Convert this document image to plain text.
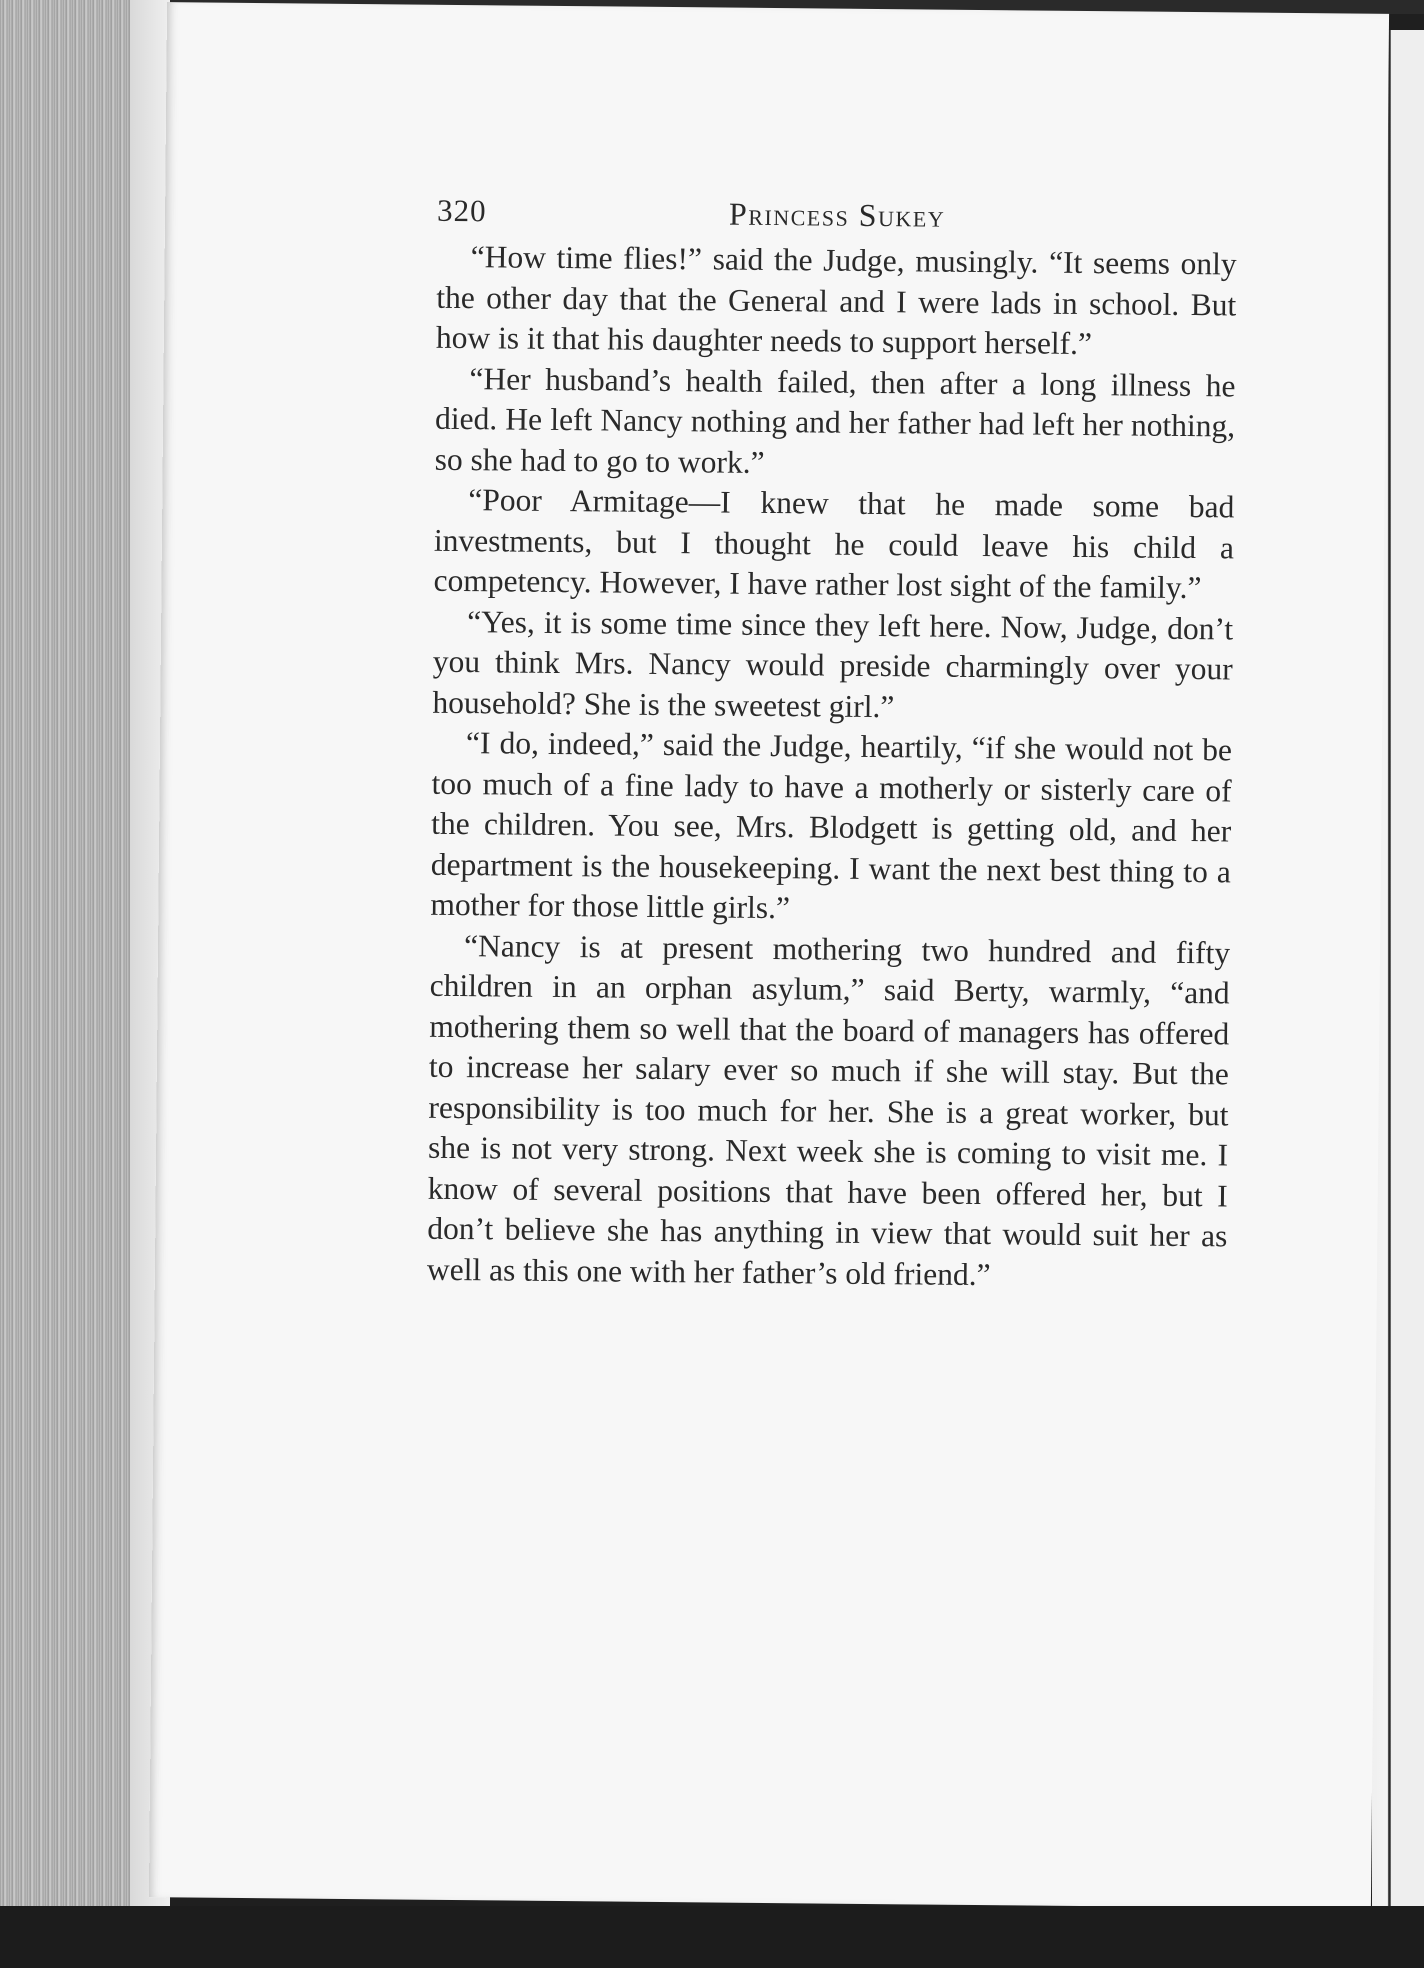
320	Princess Sukey

“How time flies!” said the Judge, musingly. “It seems only the other day that the General and I were lads in school. But how is it that his daughter needs to support herself.”

“Her husband’s health failed, then after a long illness he died. He left Nancy nothing and her father had left her nothing, so she had to go to work.”

“Poor Armitage—I knew that he made some bad investments, but I thought he could leave his child a competency. However, I have rather lost sight of the family.”

“Yes, it is some time since they left here. Now, Judge, don’t you think Mrs. Nancy would preside charmingly over your household? She is the sweetest girl.”

“I do, indeed,” said the Judge, heartily, “if she would not be too much of a fine lady to have a motherly or sisterly care of the children. You see, Mrs. Blodgett is getting old, and her department is the housekeeping. I want the next best thing to a mother for those little girls.”

“Nancy is at present mothering two hundred and fifty children in an orphan asylum,” said Berty, warmly, “and mothering them so well that the board of managers has offered to increase her salary ever so much if she will stay. But the responsibility is too much for her. She is a great worker, but she is not very strong. Next week she is coming to visit me. I know of several positions that have been offered her, but I don’t believe she has anything in view that would suit her as well as this one with her father’s old friend.”
